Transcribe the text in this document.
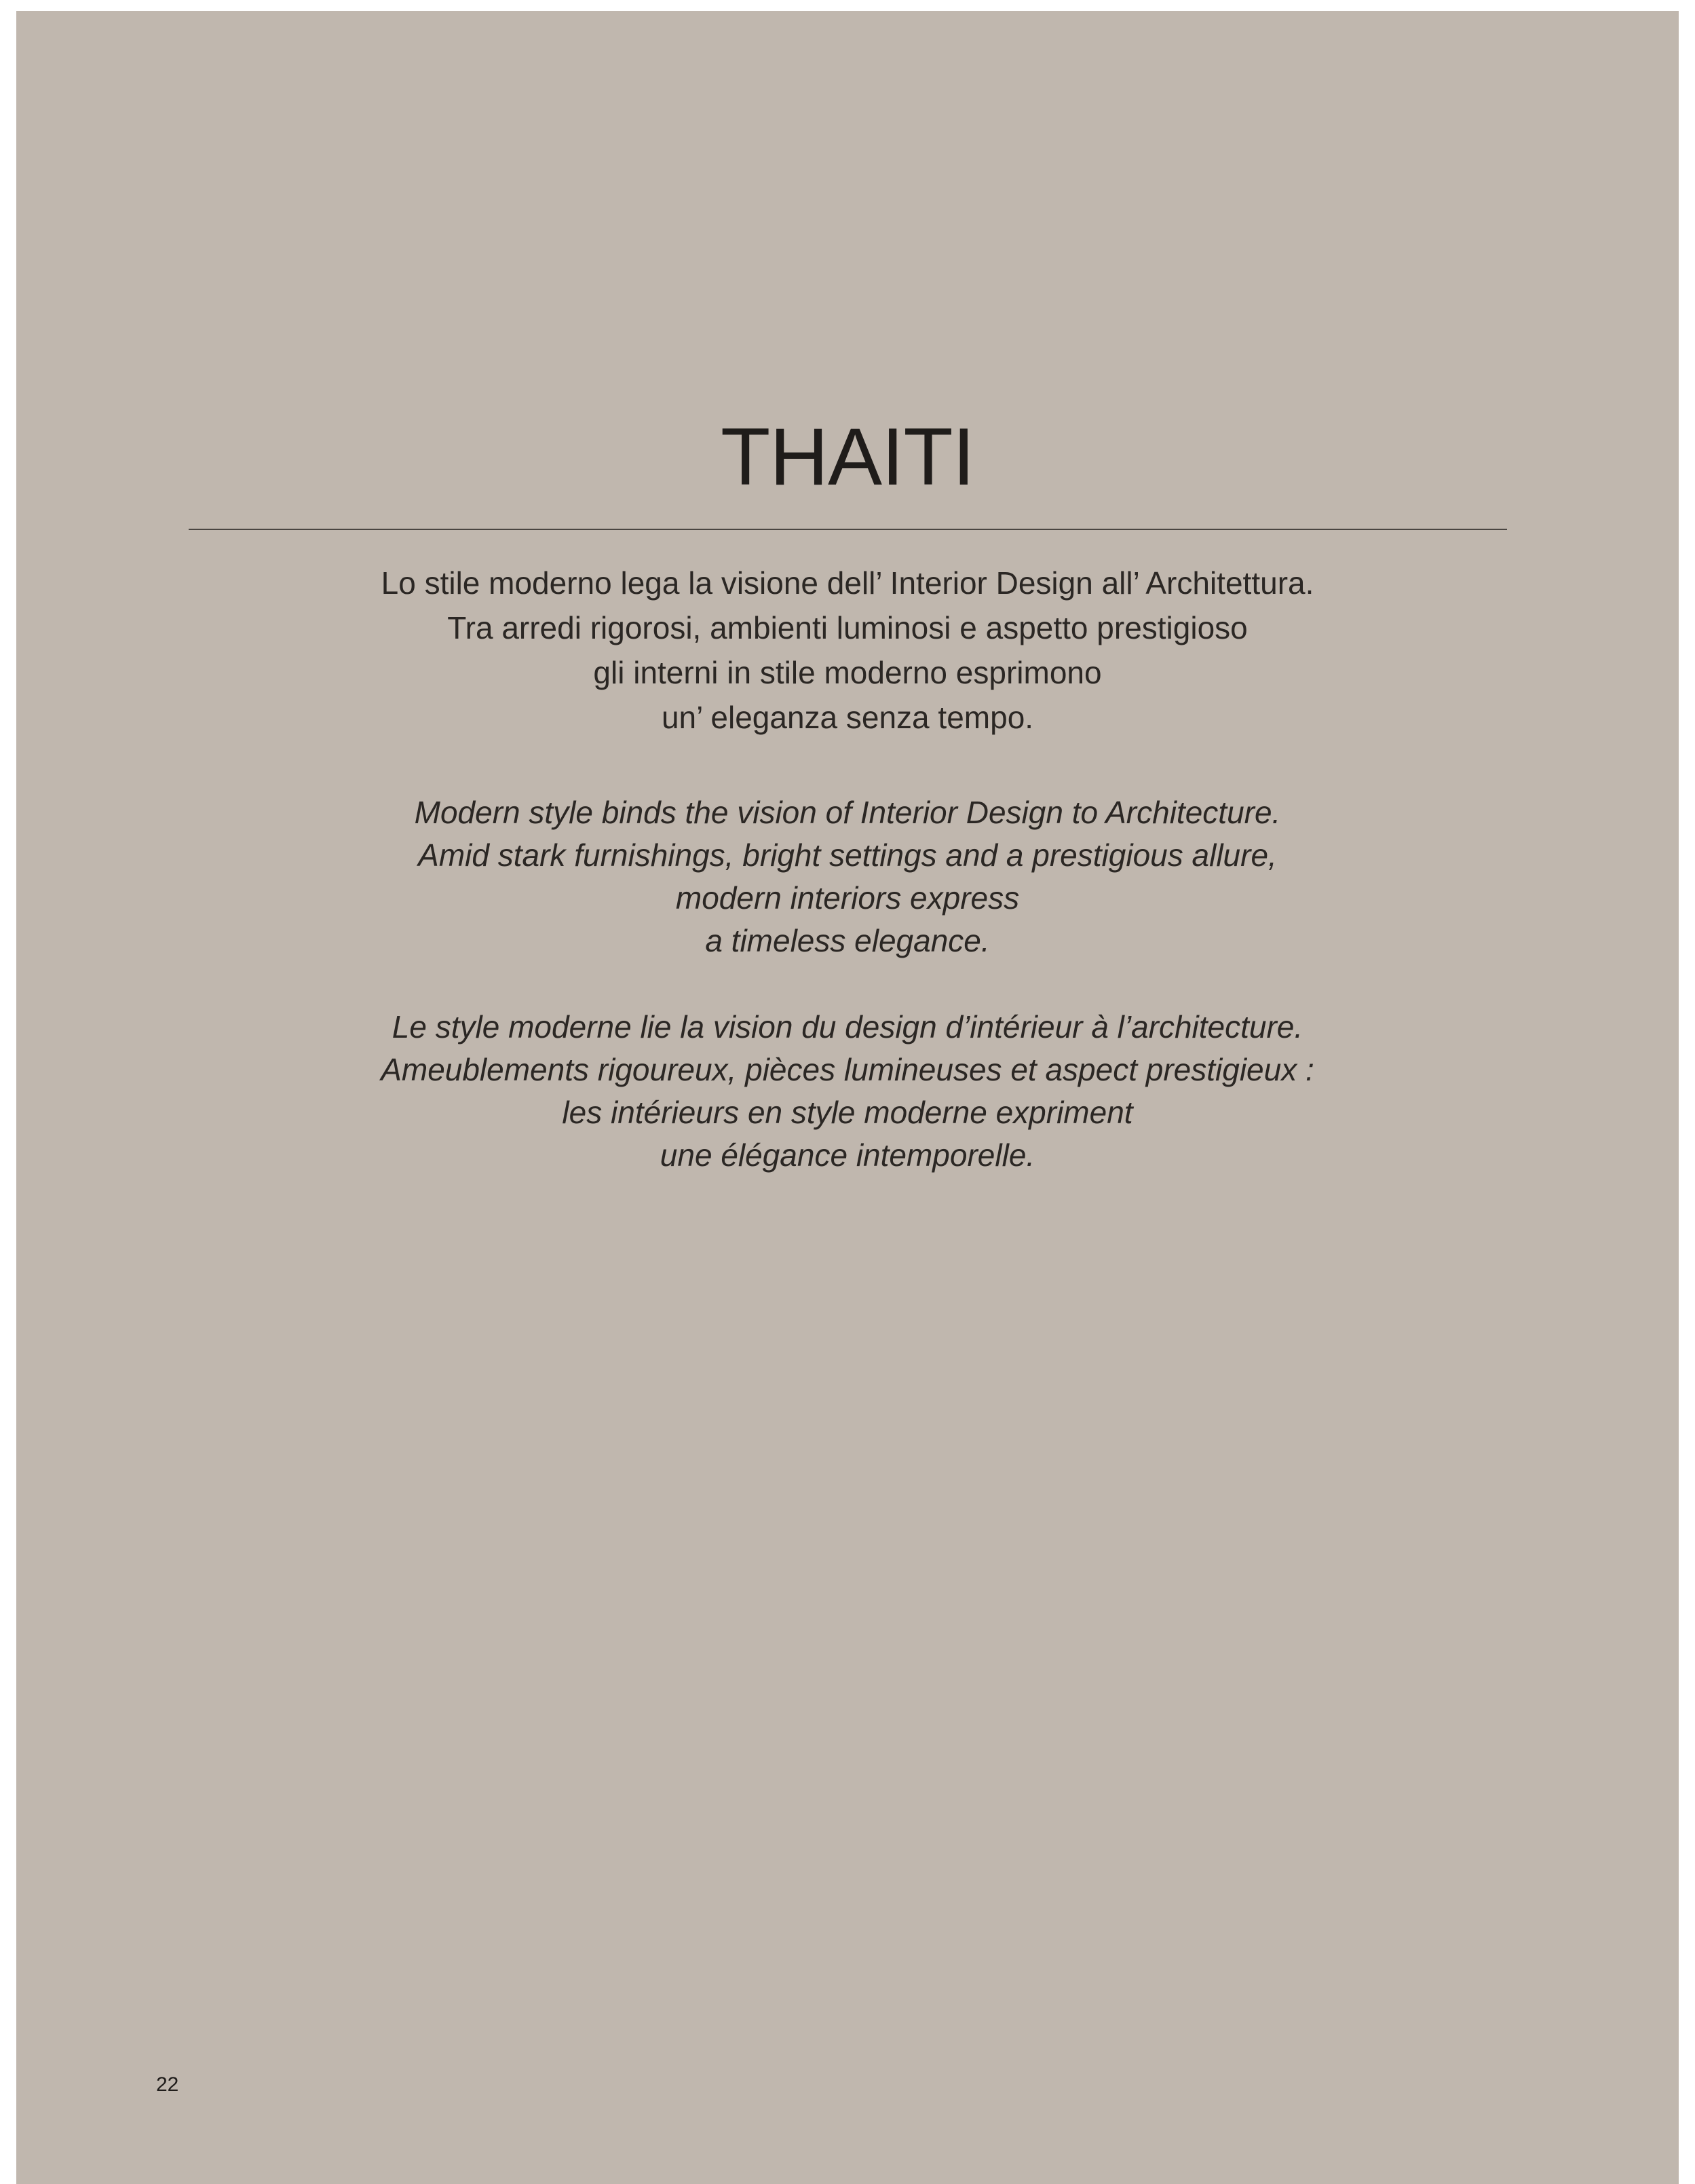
THAITI
Lo stile moderno lega la visione dell’ Interior Design all’ Architettura.
Tra arredi rigorosi, ambienti luminosi e aspetto prestigioso
gli interni in stile moderno esprimono
un’ eleganza senza tempo.
Modern style binds the vision of Interior Design to Architecture.
Amid stark furnishings, bright settings and a prestigious allure,
modern interiors express
a timeless elegance.
Le style moderne lie la vision du design d’intérieur à l’architecture.
Ameublements rigoureux, pièces lumineuses et aspect prestigieux :
les intérieurs en style moderne expriment
une élégance intemporelle.
22
